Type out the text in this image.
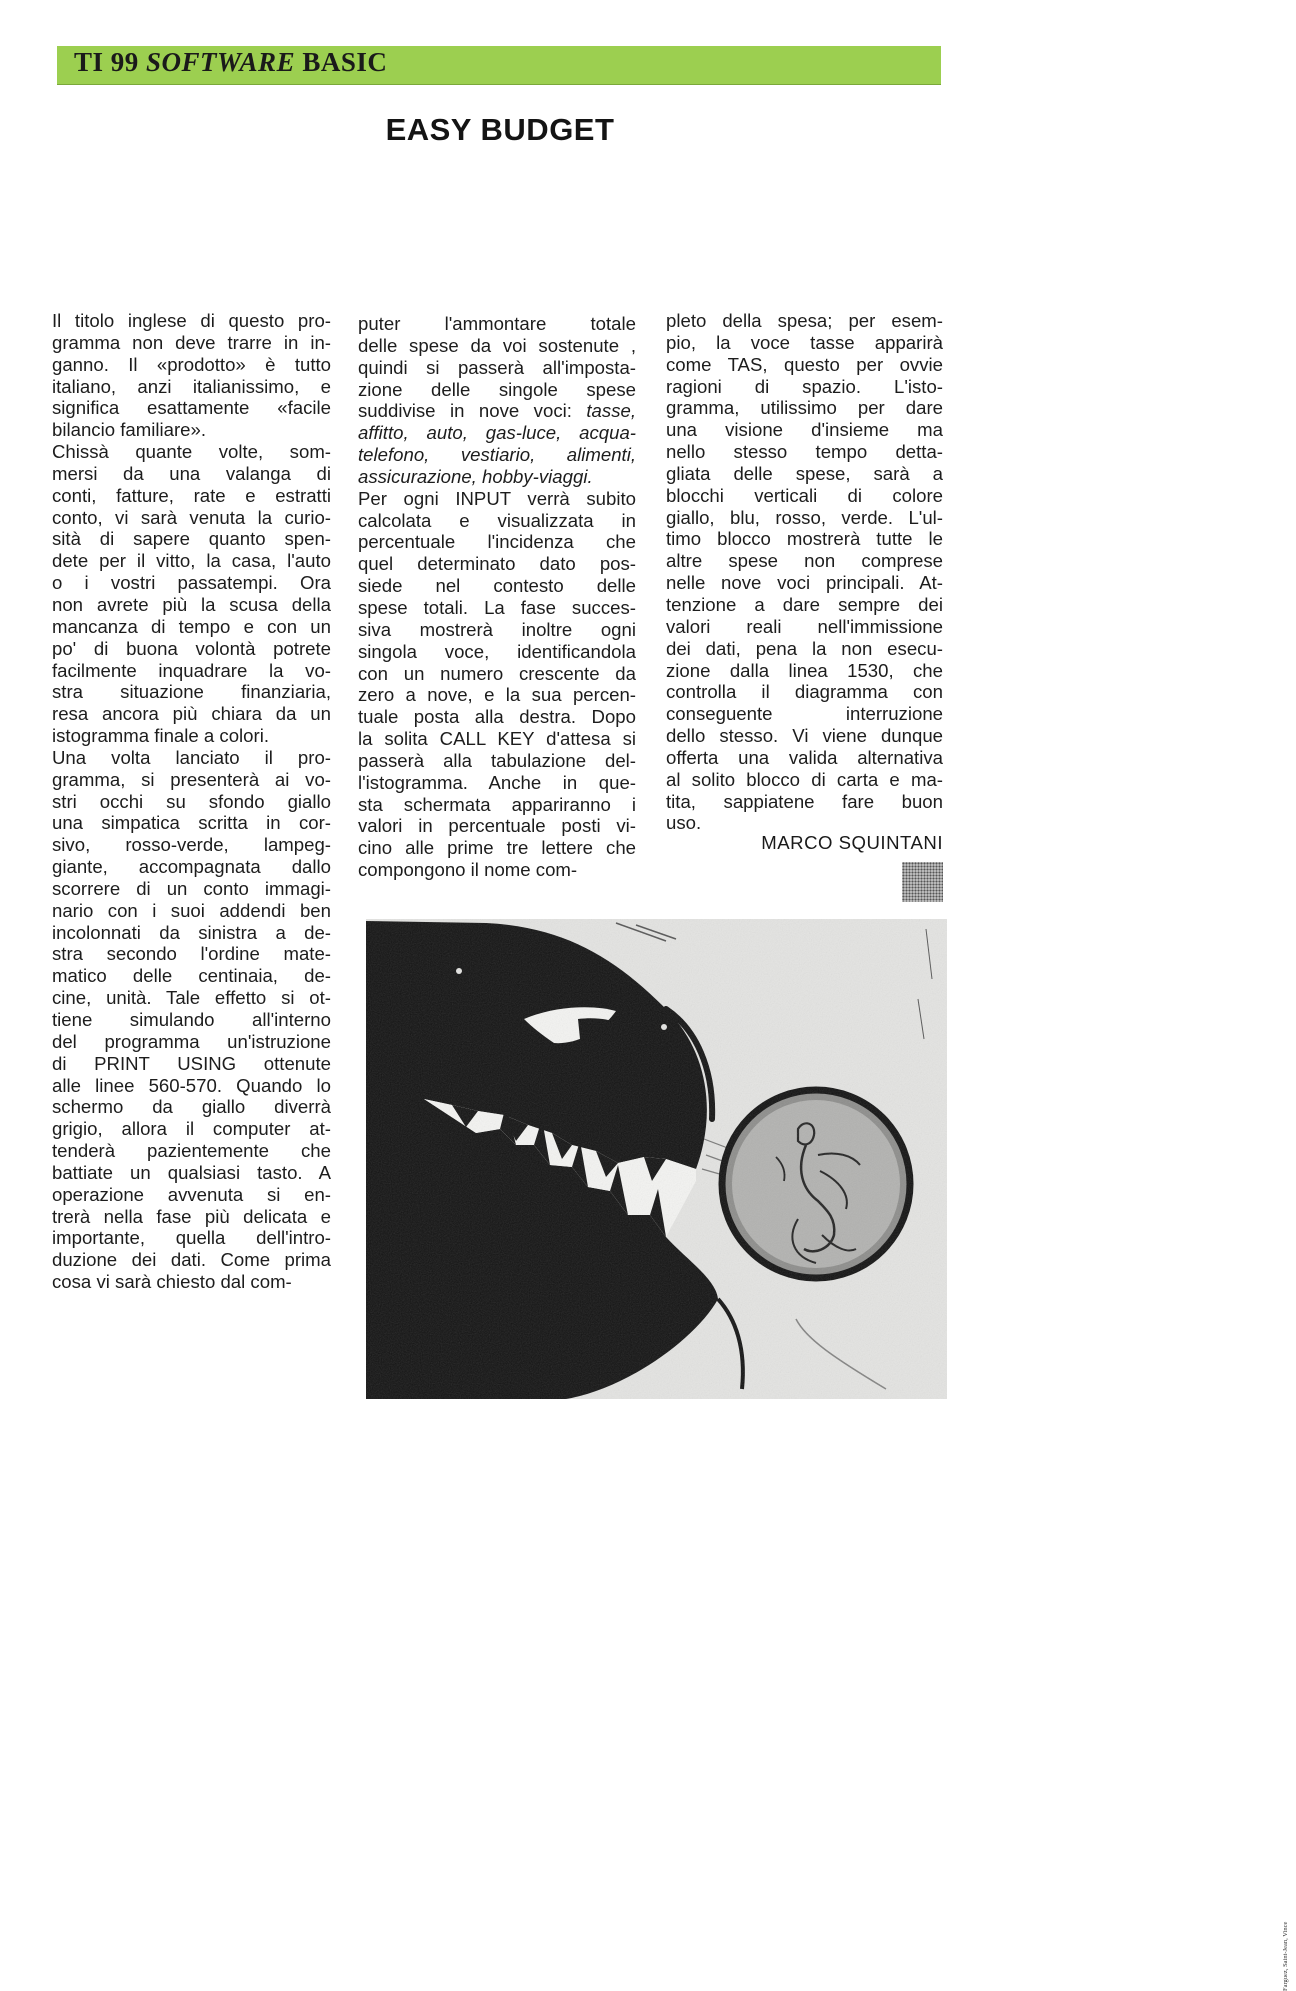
TI 99 SOFTWARE BASIC
EASY BUDGET
Il titolo inglese di questo pro-
gramma non deve trarre in in-
ganno. Il «prodotto» è tutto
italiano, anzi italianissimo, e
significa esattamente «facile
bilancio familiare».
Chissà quante volte, som-
mersi da una valanga di
conti, fatture, rate e estratti
conto, vi sarà venuta la curio-
sità di sapere quanto spen-
dete per il vitto, la casa, l'auto
o i vostri passatempi. Ora
non avrete più la scusa della
mancanza di tempo e con un
po' di buona volontà potrete
facilmente inquadrare la vo-
stra situazione finanziaria,
resa ancora più chiara da un
istogramma finale a colori.
Una volta lanciato il pro-
gramma, si presenterà ai vo-
stri occhi su sfondo giallo
una simpatica scritta in cor-
sivo, rosso-verde, lampeg-
giante, accompagnata dallo
scorrere di un conto immagi-
nario con i suoi addendi ben
incolonnati da sinistra a de-
stra secondo l'ordine mate-
matico delle centinaia, de-
cine, unità. Tale effetto si ot-
tiene simulando all'interno
del programma un'istruzione
di PRINT USING ottenute
alle linee 560-570. Quando lo
schermo da giallo diverrà
grigio, allora il computer at-
tenderà pazientemente che
battiate un qualsiasi tasto. A
operazione avvenuta si en-
trerà nella fase più delicata e
importante, quella dell'intro-
duzione dei dati. Come prima
cosa vi sarà chiesto dal com-
puter l'ammontare totale
delle spese da voi sostenute ,
quindi si passerà all'imposta-
zione delle singole spese
suddivise in nove voci: tasse,
affitto, auto, gas-luce, acqua-
telefono, vestiario, alimenti,
assicurazione, hobby-viaggi.
Per ogni INPUT verrà subito
calcolata e visualizzata in
percentuale l'incidenza che
quel determinato dato pos-
siede nel contesto delle
spese totali. La fase succes-
siva mostrerà inoltre ogni
singola voce, identificandola
con un numero crescente da
zero a nove, e la sua percen-
tuale posta alla destra. Dopo
la solita CALL KEY d'attesa si
passerà alla tabulazione del-
l'istogramma. Anche in que-
sta schermata appariranno i
valori in percentuale posti vi-
cino alle prime tre lettere che
compongono il nome com-
pleto della spesa; per esem-
pio, la voce tasse apparirà
come TAS, questo per ovvie
ragioni di spazio. L'isto-
gramma, utilissimo per dare
una visione d'insieme ma
nello stesso tempo detta-
gliata delle spese, sarà a
blocchi verticali di colore
giallo, blu, rosso, verde. L'ul-
timo blocco mostrerà tutte le
altre spese non comprese
nelle nove voci principali. At-
tenzione a dare sempre dei
valori reali nell'immissione
dei dati, pena la non esecu-
zione dalla linea 1530, che
controlla il diagramma con
conseguente interruzione
dello stesso. Vi viene dunque
offerta una valida alternativa
al solito blocco di carta e ma-
tita, sappiatene fare buon
uso.
MARCO SQUINTANI
Farguez, Saint-Jean, Vince
